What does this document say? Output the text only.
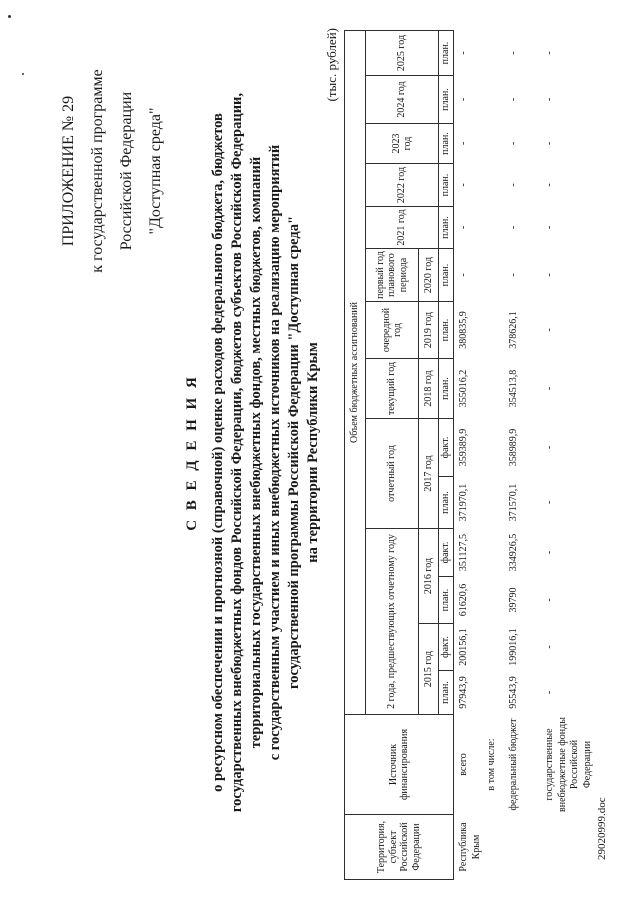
ПРИЛОЖЕНИЕ № 29 к государственной программе Российской Федерации "Доступная среда"
С В Е Д Е Н И Я о ресурсном обеспечении и прогнозной (справочной) оценке расходов федерального бюджета, бюджетов государственных внебюджетных фондов Российской Федерации, бюджетов субъектов Российской Федерации, территориальных государственных внебюджетных фондов, местных бюджетов, компаний с государственным участием и иных внебюджетных источников на реализацию мероприятий государственной программы Российской Федерации "Доступная среда" на территории Республики Крым
(тыс. рублей)
Территория, субъект Российской Федерации	Источник финансирования	Объем бюджетных ассигнований													
		2 года, предшествующих отчетному году				отчетный год		текущий год	очередной год	первый год планового периода	2021 год	2022 год	2023 год	2024 год	2025 год
		2015 год		2016 год		2017 год		2018 год	2019 год	2020 год					
		план.	факт.	план.	факт.	план.	факт.	план.	план.	план.	план.	план.	план.	план.	план.
Республика Крым	всего	97943,9	200156,1	61620,6	351127,5	371970,1	359389,9	355016,2	380835,9	-	-	-	-	-	-
	в том числе:														
	федеральный бюджет	95543,9	199016,1	39790	334926,5	371570,1	358989,9	354513,8	378626,1	-	-	-	-	-	-
	государственные внебюджетные фонды Российской Федерации	-	-	-	-	-	-	-	-	-	-	-	-	-	-
29020999.doc
